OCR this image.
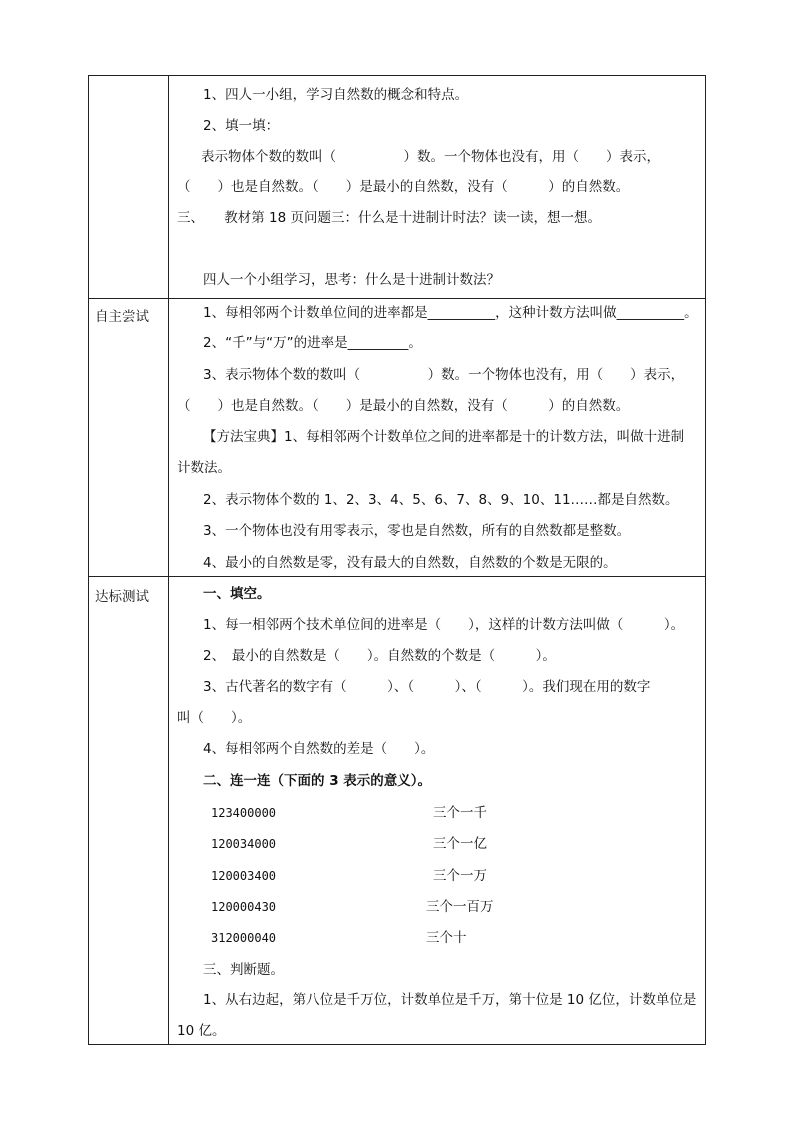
1、四人一小组，学习自然数的概念和特点。
2、填一填：
表示物体个数的数叫（　　　　　）数。一个物体也没有，用（　　）表示，
（　　）也是自然数。（　　）是最小的自然数，没有（　　　）的自然数。
三、　　教材第 18 页问题三：什么是十进制计时法？读一读，想一想。
四人一个小组学习，思考：什么是十进制计数法？
自主尝试	1、每相邻两个计数单位间的进率都是__________，这种计数方法叫做__________。
2、“千”与“万”的进率是_________。
3、表示物体个数的数叫（　　　　　）数。一个物体也没有，用（　　）表示，
（　　）也是自然数。（　　）是最小的自然数，没有（　　　）的自然数。
【方法宝典】1、每相邻两个计数单位之间的进率都是十的计数方法，叫做十进制
计数法。
2、表示物体个数的 1、2、3、4、5、6、7、8、9、10、11……都是自然数。
3、一个物体也没有用零表示，零也是自然数，所有的自然数都是整数。
4、最小的自然数是零，没有最大的自然数，自然数的个数是无限的。
达标测试	一、填空。
1、每一相邻两个技术单位间的进率是（　　），这样的计数方法叫做（　　　）。
2、　最小的自然数是（　　）。自然数的个数是（　　　）。
3、古代著名的数字有（　　　）、（　　　）、（　　　）。我们现在用的数字
叫（　　）。
4、每相邻两个自然数的差是（　　）。
二、连一连（下面的 3 表示的意义）。
123400000
120034000
120003400
120000430
312000040
三个一千
三个一亿
三个一万
三个一百万
三个十
三、判断题。
1、从右边起，第八位是千万位，计数单位是千万，第十位是 10 亿位，计数单位是
10 亿。
